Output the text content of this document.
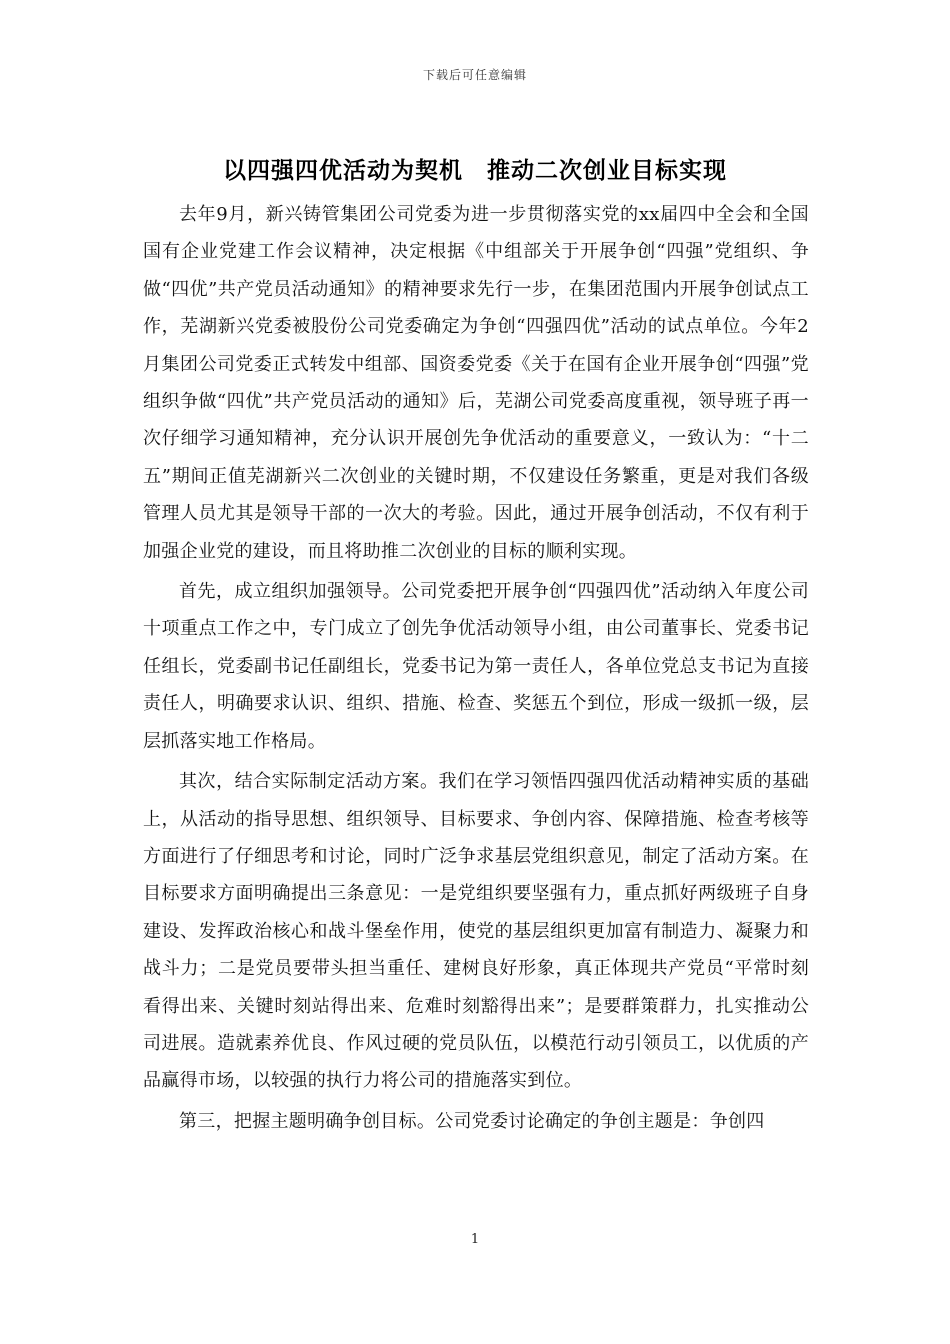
下载后可任意编辑
以四强四优活动为契机　推动二次创业目标实现

去年9月，新兴铸管集团公司党委为进一步贯彻落实党的xx届四中全会和全国国有企业党建工作会议精神，决定根据《中组部关于开展争创“四强”党组织、争做“四优”共产党员活动通知》的精神要求先行一步，在集团范围内开展争创试点工作，芜湖新兴党委被股份公司党委确定为争创“四强四优”活动的试点单位。今年2月集团公司党委正式转发中组部、国资委党委《关于在国有企业开展争创“四强”党组织争做“四优”共产党员活动的通知》后，芜湖公司党委高度重视，领导班子再一次仔细学习通知精神，充分认识开展创先争优活动的重要意义，一致认为：“十二五”期间正值芜湖新兴二次创业的关键时期，不仅建设任务繁重，更是对我们各级管理人员尤其是领导干部的一次大的考验。因此，通过开展争创活动，不仅有利于加强企业党的建设，而且将助推二次创业的目标的顺利实现。

首先，成立组织加强领导。公司党委把开展争创“四强四优”活动纳入年度公司十项重点工作之中，专门成立了创先争优活动领导小组，由公司董事长、党委书记任组长，党委副书记任副组长，党委书记为第一责任人，各单位党总支书记为直接责任人，明确要求认识、组织、措施、检查、奖惩五个到位，形成一级抓一级，层层抓落实地工作格局。

其次，结合实际制定活动方案。我们在学习领悟四强四优活动精神实质的基础上，从活动的指导思想、组织领导、目标要求、争创内容、保障措施、检查考核等方面进行了仔细思考和讨论，同时广泛争求基层党组织意见，制定了活动方案。在目标要求方面明确提出三条意见：一是党组织要坚强有力，重点抓好两级班子自身建设、发挥政治核心和战斗堡垒作用，使党的基层组织更加富有制造力、凝聚力和战斗力；二是党员要带头担当重任、建树良好形象，真正体现共产党员“平常时刻看得出来、关键时刻站得出来、危难时刻豁得出来”；是要群策群力，扎实推动公司进展。造就素养优良、作风过硬的党员队伍，以模范行动引领员工，以优质的产品赢得市场，以较强的执行力将公司的措施落实到位。

第三，把握主题明确争创目标。公司党委讨论确定的争创主题是：争创四

1
